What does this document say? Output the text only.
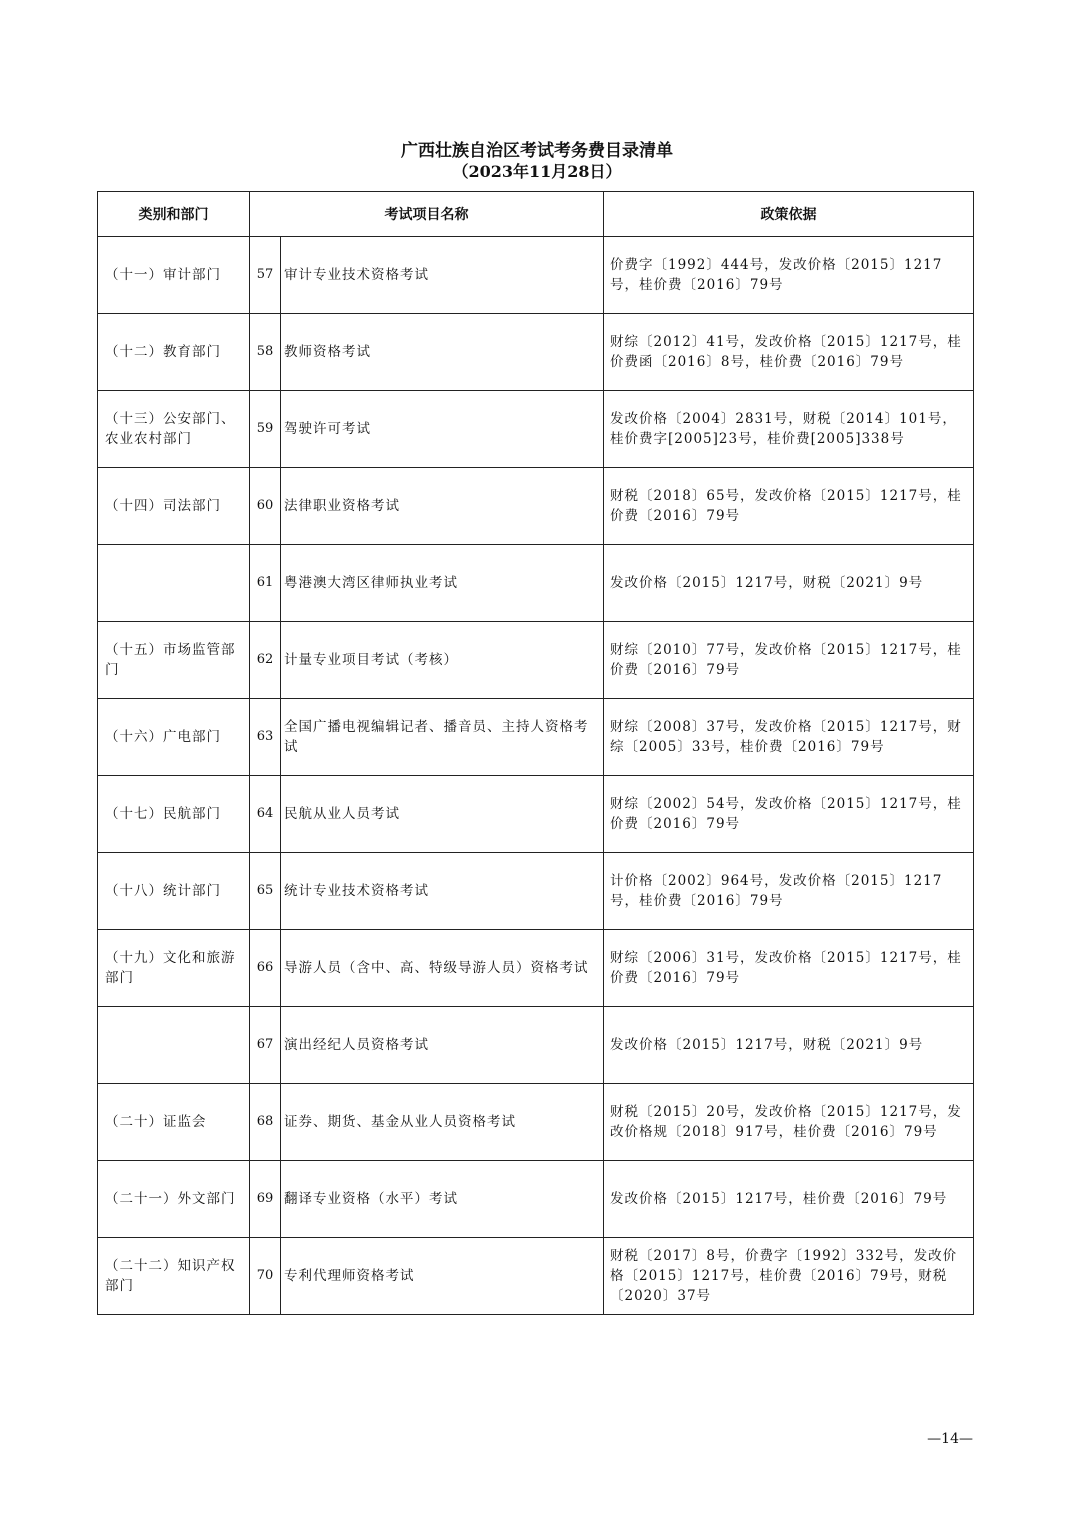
广西壮族自治区考试考务费目录清单
（2023年11月28日）
类别和部门	考试项目名称		政策依据
（十一）审计部门	57	审计专业技术资格考试	价费字〔1992〕444号，发改价格〔2015〕1217号，桂价费〔2016〕79号
（十二）教育部门	58	教师资格考试	财综〔2012〕41号，发改价格〔2015〕1217号，桂价费函〔2016〕8号，桂价费〔2016〕79号
（十三）公安部门、农业农村部门	59	驾驶许可考试	发改价格〔2004〕2831号，财税〔2014〕101号，桂价费字[2005]23号，桂价费[2005]338号
（十四）司法部门	60	法律职业资格考试	财税〔2018〕65号，发改价格〔2015〕1217号，桂价费〔2016〕79号
	61	粤港澳大湾区律师执业考试	发改价格〔2015〕1217号，财税〔2021〕9号
（十五）市场监管部门	62	计量专业项目考试（考核）	财综〔2010〕77号，发改价格〔2015〕1217号，桂价费〔2016〕79号
（十六）广电部门	63	全国广播电视编辑记者、播音员、主持人资格考试	财综〔2008〕37号，发改价格〔2015〕1217号，财综〔2005〕33号，桂价费〔2016〕79号
（十七）民航部门	64	民航从业人员考试	财综〔2002〕54号，发改价格〔2015〕1217号，桂价费〔2016〕79号
（十八）统计部门	65	统计专业技术资格考试	计价格〔2002〕964号，发改价格〔2015〕1217号，桂价费〔2016〕79号
（十九）文化和旅游部门	66	导游人员（含中、高、特级导游人员）资格考试	财综〔2006〕31号，发改价格〔2015〕1217号，桂价费〔2016〕79号
	67	演出经纪人员资格考试	发改价格〔2015〕1217号，财税〔2021〕9号
（二十）证监会	68	证券、期货、基金从业人员资格考试	财税〔2015〕20号，发改价格〔2015〕1217号，发改价格规〔2018〕917号，桂价费〔2016〕79号
（二十一）外文部门	69	翻译专业资格（水平）考试	发改价格〔2015〕1217号，桂价费〔2016〕79号
（二十二）知识产权部门	70	专利代理师资格考试	财税〔2017〕8号，价费字〔1992〕332号，发改价格〔2015〕1217号，桂价费〔2016〕79号，财税〔2020〕37号
—14—
